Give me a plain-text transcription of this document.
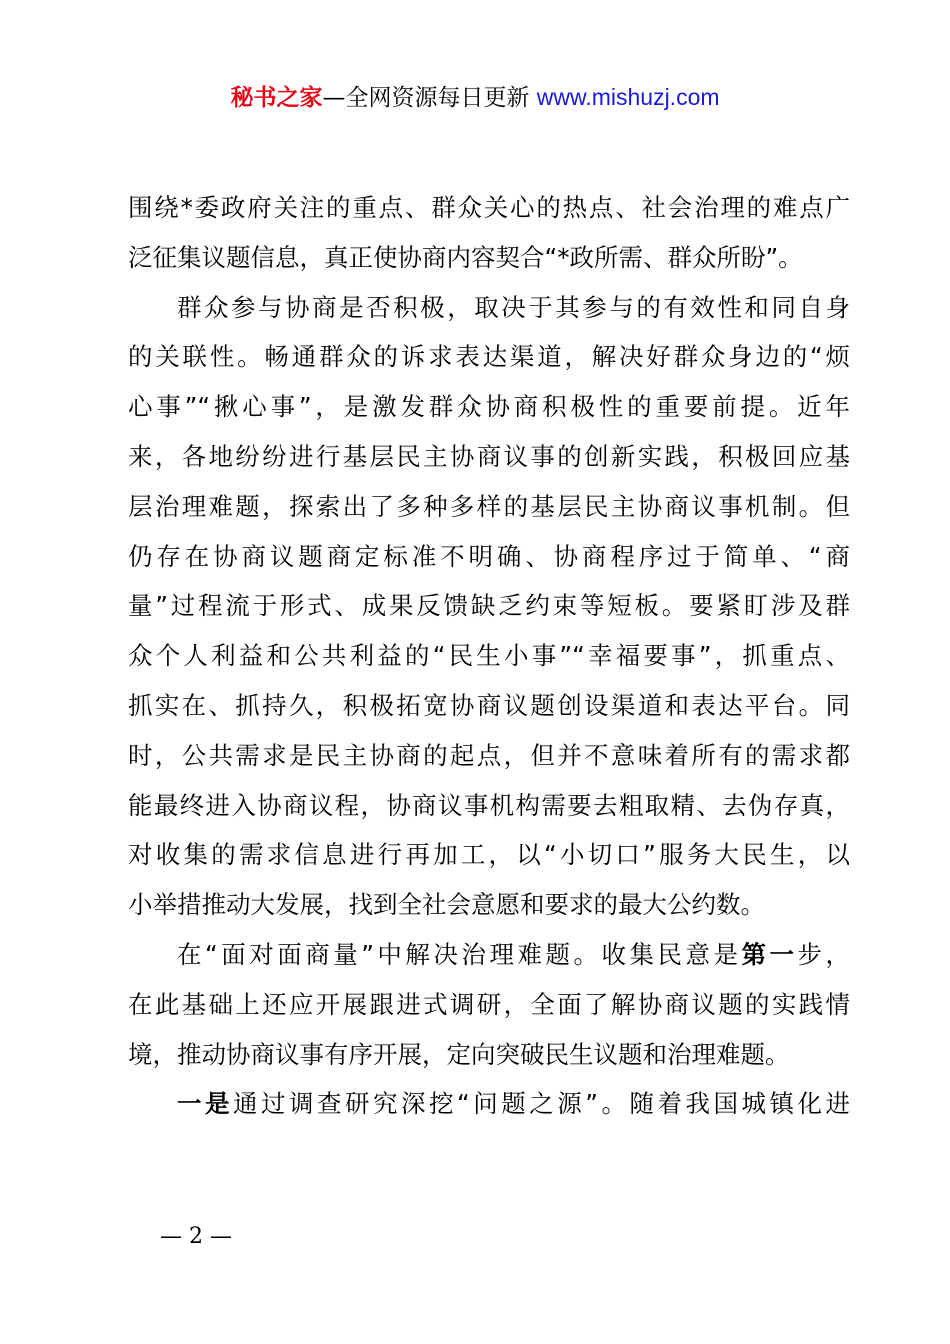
秘书之家—全网资源每日更新 www.mishuzj.com
围绕*委政府关注的重点、群众关心的热点、社会治理的难点广
泛征集议题信息，真正使协商内容契合“*政所需、群众所盼”。
群众参与协商是否积极，取决于其参与的有效性和同自身
的关联性。畅通群众的诉求表达渠道，解决好群众身边的“烦
心事”“揪心事”，是激发群众协商积极性的重要前提。近年
来，各地纷纷进行基层民主协商议事的创新实践，积极回应基
层治理难题，探索出了多种多样的基层民主协商议事机制。但
仍存在协商议题商定标准不明确、协商程序过于简单、“商
量”过程流于形式、成果反馈缺乏约束等短板。要紧盯涉及群
众个人利益和公共利益的“民生小事”“幸福要事”，抓重点、
抓实在、抓持久，积极拓宽协商议题创设渠道和表达平台。同
时，公共需求是民主协商的起点，但并不意味着所有的需求都
能最终进入协商议程，协商议事机构需要去粗取精、去伪存真，
对收集的需求信息进行再加工，以“小切口”服务大民生，以
小举措推动大发展，找到全社会意愿和要求的最大公约数。
在“面对面商量”中解决治理难题。收集民意是第一步，
在此基础上还应开展跟进式调研，全面了解协商议题的实践情
境，推动协商议事有序开展，定向突破民生议题和治理难题。
一是通过调查研究深挖“问题之源”。随着我国城镇化进
— 2 —
